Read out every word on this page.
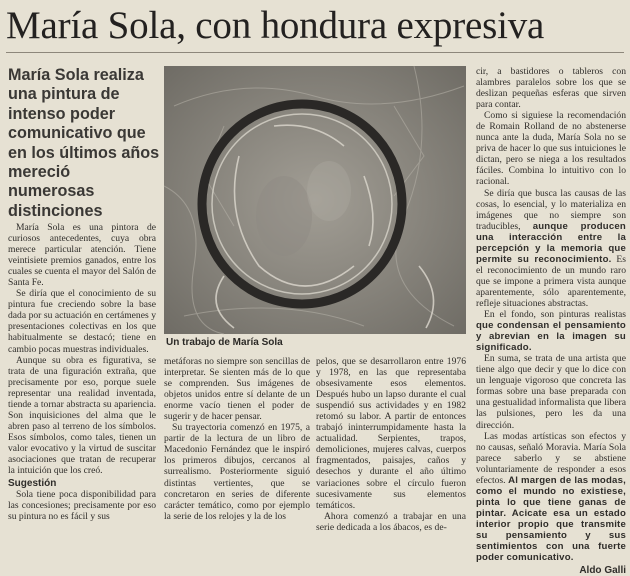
María Sola, con hondura expresiva
María Sola realiza una pintura de intenso poder comunicativo que en los últimos años mereció numerosas distinciones
Un trabajo de María Sola

María Sola es una pintora de curiosos antecedentes, cuya obra merece particular atención. Tiene veintisiete premios ganados, entre los cuales se cuenta el mayor del Salón de Santa Fe.

Se diría que el conocimiento de su pintura fue creciendo sobre la base dada por su actuación en certámenes y presentaciones colectivas en los que habitualmente se destacó; tiene en cambio pocas muestras individuales.

Aunque su obra es figurativa, se trata de una figuración extraña, que precisamente por eso, porque suele representar una realidad inventada, tiende a tornar abstracta su apariencia. Son inquisiciones del alma que le abren paso al terreno de los símbolos. Esos símbolos, como tales, tienen un valor evocativo y la virtud de suscitar asociaciones que tratan de recuperar la intuición que los creó.

Sugestión

Sola tiene poca disponibilidad para las concesiones; precisamente por eso su pintura no es fácil y sus

metáforas no siempre son sencillas de interpretar. Se sienten más de lo que se comprenden. Sus imágenes de objetos unidos entre sí delante de un enorme vacío tienen el poder de sugerir y de hacer pensar.

Su trayectoria comenzó en 1975, a partir de la lectura de un libro de Macedonio Fernández que le inspiró los primeros dibujos, cercanos al surrealismo. Posteriormente siguió distintas vertientes, que se concretaron en series de diferente carácter temático, como por ejemplo la serie de los relojes y la de los

pelos, que se desarrollaron entre 1976 y 1978, en las que representaba obsesivamente esos elementos. Después hubo un lapso durante el cual suspendió sus actividades y en 1982 retomó su labor. A partir de entonces trabajó ininterrumpidamente hasta la actualidad. Serpientes, trapos, demoliciones, mujeres calvas, cuerpos fragmentados, paisajes, caños y desechos y durante el año último variaciones sobre el círculo fueron sucesivamente sus elementos temáticos.

Ahora comenzó a trabajar en una serie dedicada a los ábacos, es de-

cir, a bastidores o tableros con alambres paralelos sobre los que se deslizan pequeñas esferas que sirven para contar.

Como si siguiese la recomendación de Romain Rolland de no abstenerse nunca ante la duda, María Sola no se priva de hacer lo que sus intuiciones le dictan, pero se niega a los resultados fáciles. Combina lo intuitivo con lo racional.

Se diría que busca las causas de las cosas, lo esencial, y lo materializa en imágenes que no siempre son traducibles, aunque producen una interacción entre la percepción y la memoria que permite su reconocimiento. Es el reconocimiento de un mundo raro que se impone a primera vista aunque aparentemente, sólo aparentemente, refleje situaciones abstractas.

En el fondo, son pinturas realistas que condensan el pensamiento y abrevian en la imagen su significado.

En suma, se trata de una artista que tiene algo que decir y que lo dice con un lenguaje vigoroso que concreta las formas sobre una base preparada con una gestualidad informalista que libera las pulsiones, pero les da una dirección.

Las modas artísticas son efectos y no causas, señaló Moravia. María Sola parece saberlo y se abstiene voluntariamente de responder a esos efectos. Al margen de las modas, como el mundo no existiese, pinta lo que tiene ganas de pintar. Acicate esa un estado interior propio que transmite su pensamiento y sus sentimientos con una fuerte poder comunicativo.

Aldo Galli
